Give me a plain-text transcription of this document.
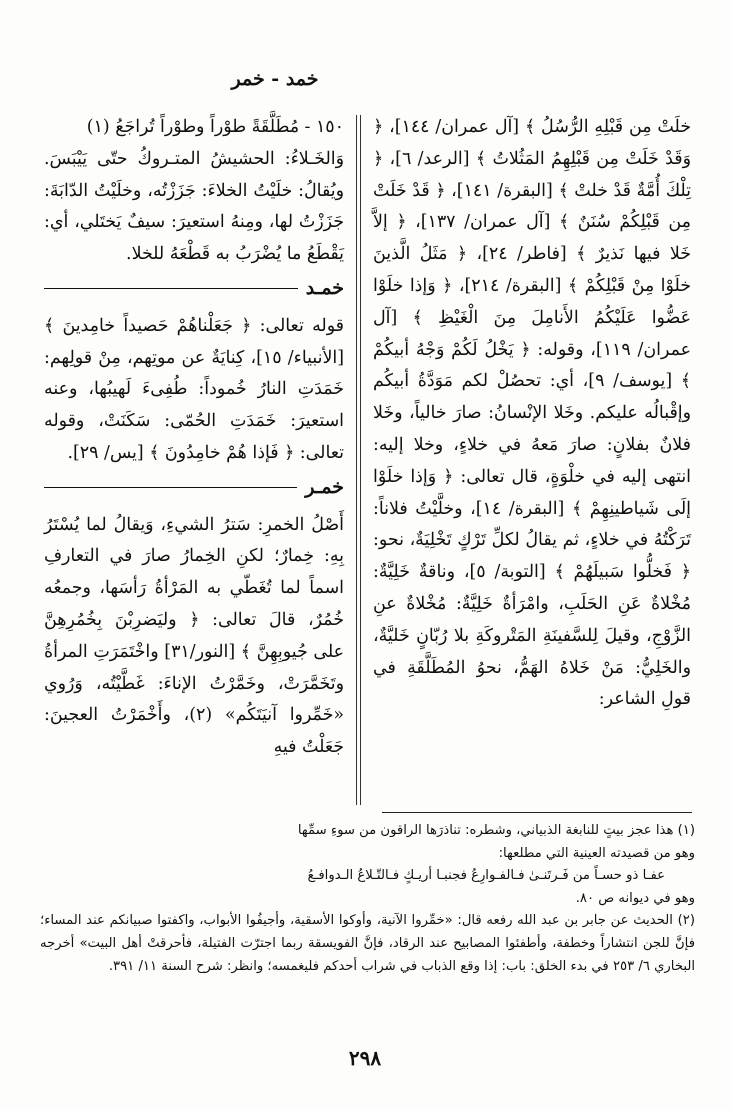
خمد - خمر

خلَتْ مِن قَبْلِهِ الرُّسُلُ ﴾ [آل عمران/ ١٤٤]، ﴿ وَقَدْ خَلَتْ مِن قَبْلِهِمُ المَثُلاتُ ﴾ [الرعد/ ٦]، ﴿ تِلْكَ أُمَّةٌ قَدْ خلتْ ﴾ [البقرة/ ١٤١]، ﴿ قَدْ خَلَتْ مِن قَبْلِكُمْ سُنَنٌ ﴾ [آل عمران/ ١٣٧]، ﴿ إلاَّ خَلا فيها نَذيرٌ ﴾ [فاطر/ ٢٤]، ﴿ مَثَلُ الَّذينَ خلَوْا مِنْ قَبْلِكُمْ ﴾ [البقرة/ ٢١٤]، ﴿ وَإذا خلَوْا عَضُّوا عَلَيْكُمُ الأَنامِلَ مِنَ الْغَيْظِ ﴾ [آل عمران/ ١١٩]، وقوله: ﴿ يَخْلُ لَكُمْ وَجْهُ أبيكُمْ ﴾ [يوسف/ ٩]، أي: تحصُلْ لكم مَوَدَّةُ أبيكُم وإقْبالُه عليكم. وخَلا الإنْسانُ: صارَ خالياً، وخَلا فلانٌ بفلانٍ: صارَ مَعهُ في خلاءٍ، وخلا إليه: انتهى إليه في خلْوَةٍ، قال تعالى: ﴿ وَإذا خلَوْا إلَى شَياطينِهِمْ ﴾ [البقرة/ ١٤]، وخلَّيْتُ فلاناً: تَرَكْتُهُ في خلاءٍ، ثم يقالُ لكلِّ تَرْكٍ تَخْلِيَةٌ، نحو: ﴿ فَخلُّوا سَبيلَهُمْ ﴾ [التوبة/ ٥]، وناقةٌ خَلِيَّةٌ: مُخْلاةٌ عَنِ الحَلَبِ، وامْرَأةٌ خَلِيَّةٌ: مُخْلاةٌ عنِ الزَّوْجِ، وقيلَ لِلسَّفينَةِ المَتْروكَةِ بلا رُبّانٍ خَليَّةٌ، والخَلِيُّ: مَنْ خَلاهُ الهَمُّ، نحوُ المُطَلَّقَةِ في قولِ الشاعر:

١٥٠ - مُطَلَّقَةً طوْراً وطوْراً تُراجَعُ (١)

وَالخَـلاءُ: الحشيشُ المتـروكُ حتّى يَيْبَسَ. ويُقالُ: خلَيْتُ الخلاءَ: جَزَزْتُه، وخلَيْتُ الدّابَةَ: جَزَزْتُ لها، ومِنهُ استعيرَ: سيفٌ يَختَلي، أي: يَقْطَعُ ما يُضْرَبُ به قَطْعَهُ للخلا.

خمـد

قوله تعالى: ﴿ جَعَلْناهُمْ حَصيداً خامِدينَ ﴾ [الأنبياء/ ١٥]، كِنايَةٌ عن موتِهم، مِنْ قولِهم: خَمَدَتِ النارُ خُموداً: طُفِىءَ لَهيبُها، وعنه استعيرَ: خَمَدَتِ الحُمّى: سَكَنَتْ، وقوله تعالى: ﴿ فَإذا هُمْ خامِدُونَ ﴾ [يس/ ٢٩].

خمـر

أَصْلُ الخمرِ: سَترُ الشيءِ، وَيقالُ لما يُسْتَرُ بِهِ: خِمارٌ؛ لكنِ الخِمارُ صارَ في التعارفِ اسماً لما تُغَطّي به المَرْأةُ رَأسَها، وجمعُه خُمُرٌ، قالَ تعالى: ﴿ وليَضرِبْنَ بِخُمُرِهِنَّ على جُيوبِهِنَّ ﴾ [النور/٣١] واخْتَمَرَتِ المرأةُ وتَخَمَّرَتْ، وخَمَّرْتُ الإناءَ: غَطَّيْتُه، وَرُوي «خَمِّروا آنيَتَكُم» (٢)، وأَخْمَرْتُ العجينَ: جَعَلْتُ فيهِ

(١) هذا عجز بيتٍ للنابغة الذبياني، وشطره: تناذرَها الراقون من سوءِ سمِّها

وهو من قصيدته العينية التي مطلعها:

عفـا ذو حسـاً من فَـرتَنـىٰ فـالفـوارِعُ فجنبـا أريـكٍ فـالتّـلاعُ الـدوافـعُ

وهو في ديوانه ص ٨٠.

(٢) الحديث عن جابر بن عبد الله رفعه قال: «خمِّروا الآنية، وأوكوا الأسقية، وأجيفُوا الأبواب، واكفتوا صبيانكم عند المساء؛ فإنَّ للجن انتشاراً وخطفة، وأطفئوا المصابيح عند الرقاد، فإنَّ الفويسقة ربما اجترّت الفتيلة، فأحرقتْ أهل البيت» أخرجه البخاري ٦/ ٢٥٣ في بدء الخلق: باب: إذا وقع الذباب في شراب أحدكم فليغمسه؛ وانظر: شرح السنة ١١/ ٣٩١.

٢٩٨
